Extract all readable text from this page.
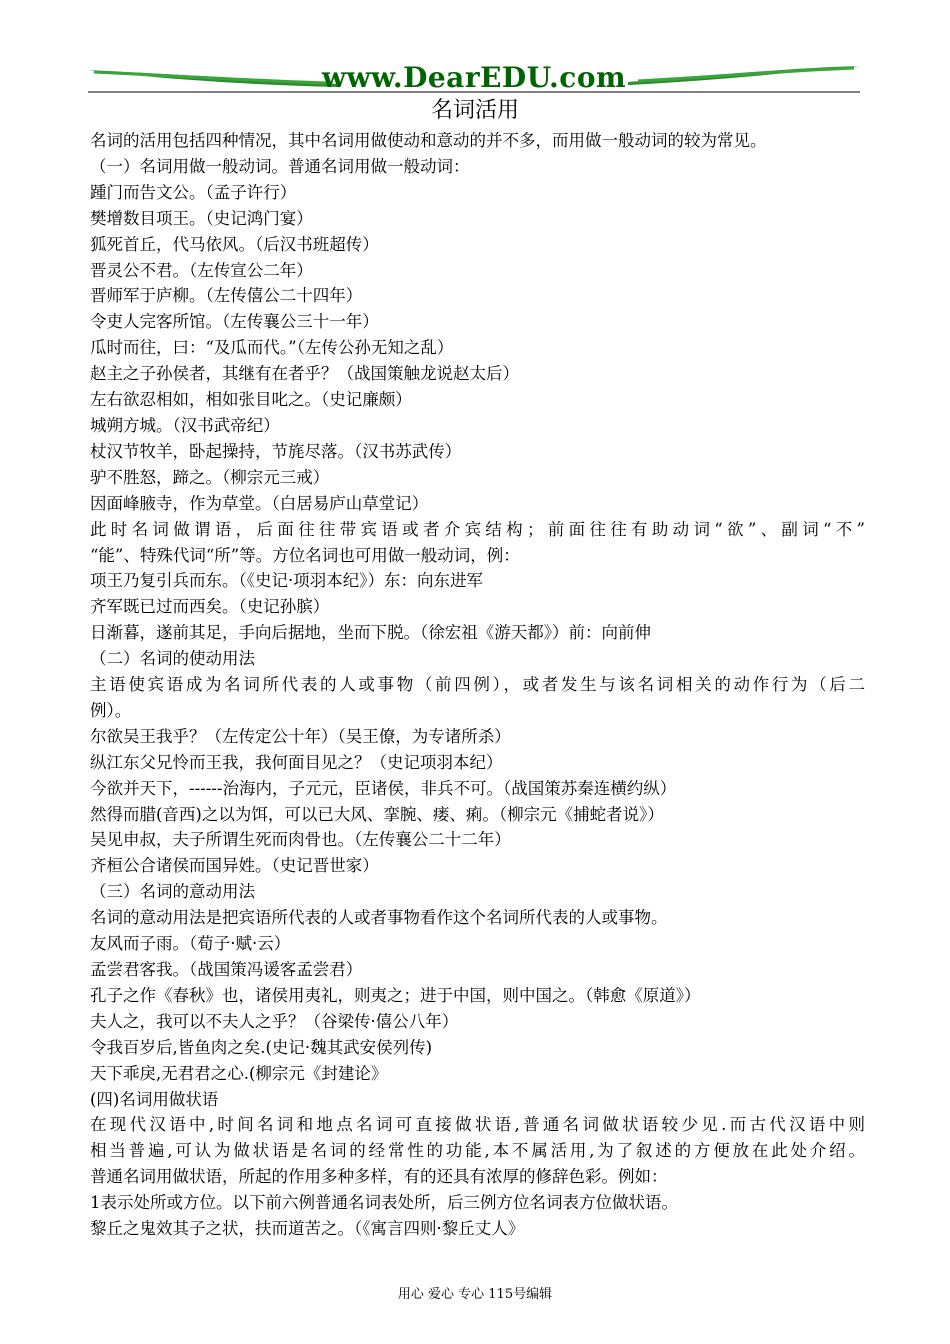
www.DearEDU.com
名词活用
名词的活用包括四种情况，其中名词用做使动和意动的并不多，而用做一般动词的较为常见。
（一）名词用做一般动词。普通名词用做一般动词：
踵门而告文公。（孟子许行）
樊增数目项王。（史记鸿门宴）
狐死首丘，代马依风。（后汉书班超传）
晋灵公不君。（左传宣公二年）
晋师军于庐柳。（左传僖公二十四年）
令吏人完客所馆。（左传襄公三十一年）
瓜时而往，曰：“及瓜而代。”（左传公孙无知之乱）
赵主之子孙侯者，其继有在者乎？（战国策触龙说赵太后）
左右欲忍相如，相如张目叱之。（史记廉颇）
城朔方城。（汉书武帝纪）
杖汉节牧羊，卧起操持，节旄尽落。（汉书苏武传）
驴不胜怒，蹄之。（柳宗元三戒）
因面峰腋寺，作为草堂。（白居易庐山草堂记）
此时名词做谓语，后面往往带宾语或者介宾结构；前面往往有助动词“欲”、副词“不”
“能”、特殊代词“所”等。方位名词也可用做一般动词，例：
项王乃复引兵而东。（《史记·项羽本纪》）东：向东进军
齐军既已过而西矣。（史记孙膑）
日渐暮，遂前其足，手向后据地，坐而下脱。（徐宏祖《游天都》）前：向前伸
（二）名词的使动用法
主语使宾语成为名词所代表的人或事物（前四例），或者发生与该名词相关的动作行为（后二
例）。
尔欲吴王我乎？（左传定公十年）（吴王僚，为专诸所杀）
纵江东父兄怜而王我，我何面目见之？（史记项羽本纪）
今欲并天下，------治海内，子元元，臣诸侯，非兵不可。（战国策苏秦连横约纵）
然得而腊(音西)之以为饵，可以已大风、挛腕、瘘、痢。（柳宗元《捕蛇者说》）
吴见申叔，夫子所谓生死而肉骨也。（左传襄公二十二年）
齐桓公合诸侯而国异姓。（史记晋世家）
（三）名词的意动用法
名词的意动用法是把宾语所代表的人或者事物看作这个名词所代表的人或事物。
友风而子雨。（荀子·赋·云）
孟尝君客我。（战国策冯谖客孟尝君）
孔子之作《春秋》也，诸侯用夷礼，则夷之；进于中国，则中国之。（韩愈《原道》）
夫人之，我可以不夫人之乎？（谷梁传·僖公八年）
令我百岁后,皆鱼肉之矣.(史记·魏其武安侯列传)
天下乖戾,无君君之心.(柳宗元《封建论》
(四)名词用做状语
在现代汉语中,时间名词和地点名词可直接做状语,普通名词做状语较少见.而古代汉语中则
相当普遍,可认为做状语是名词的经常性的功能,本不属活用,为了叙述的方便放在此处介绍。
普通名词用做状语，所起的作用多种多样，有的还具有浓厚的修辞色彩。例如：
1表示处所或方位。以下前六例普通名词表处所，后三例方位名词表方位做状语。
黎丘之鬼效其子之状，扶而道苦之。（《寓言四则·黎丘丈人》
用心 爱心 专心 115号编辑
